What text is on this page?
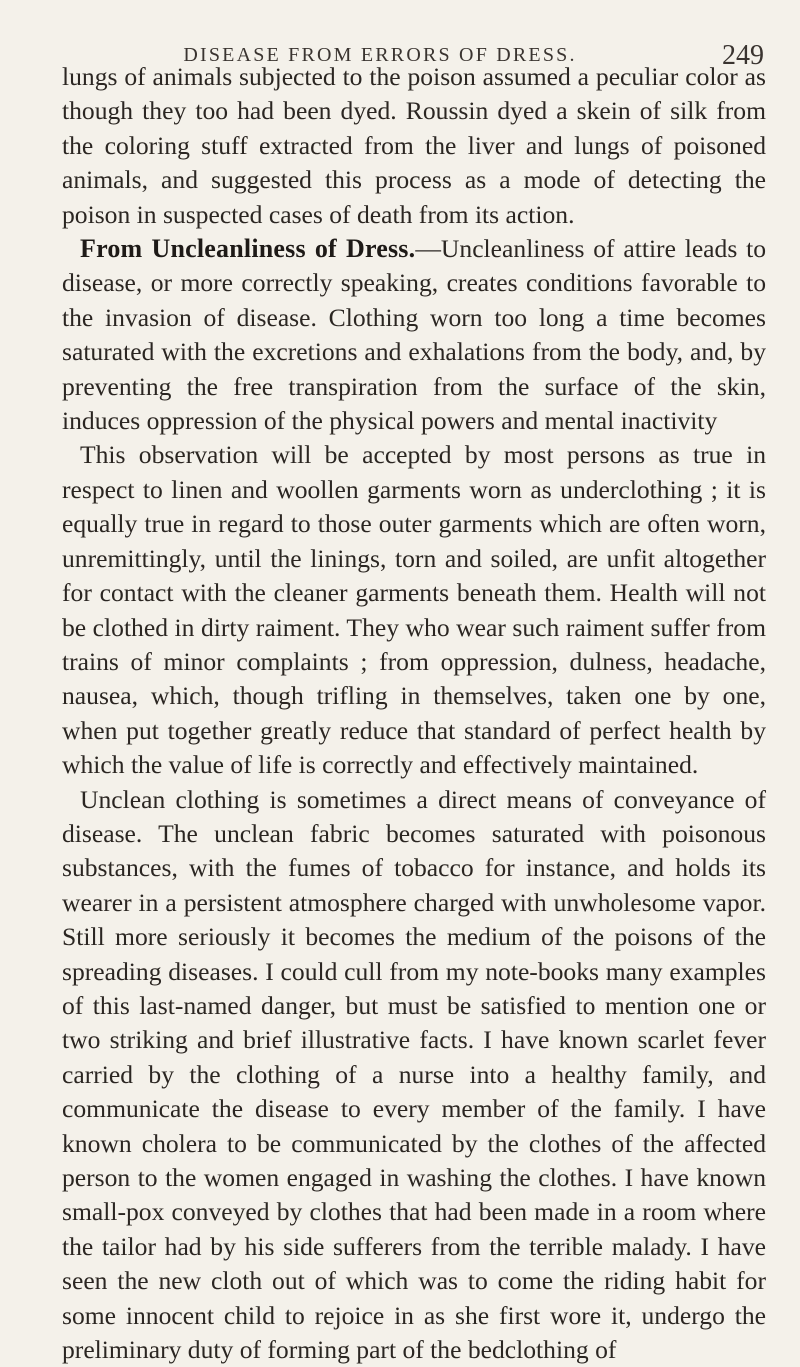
DISEASE FROM ERRORS OF DRESS.	249

lungs of animals subjected to the poison assumed a peculiar color as though they too had been dyed. Roussin dyed a skein of silk from the coloring stuff extracted from the liver and lungs of poisoned animals, and suggested this process as a mode of detecting the poison in suspected cases of death from its action.

From Uncleanliness of Dress.—Uncleanliness of attire leads to disease, or more correctly speaking, creates conditions favorable to the invasion of disease. Clothing worn too long a time becomes saturated with the excretions and exhalations from the body, and, by preventing the free transpiration from the surface of the skin, induces oppression of the physical powers and mental inactivity

This observation will be accepted by most persons as true in respect to linen and woollen garments worn as underclothing ; it is equally true in regard to those outer garments which are often worn, unremittingly, until the linings, torn and soiled, are unfit altogether for contact with the cleaner garments beneath them. Health will not be clothed in dirty raiment. They who wear such raiment suffer from trains of minor complaints ; from oppression, dulness, headache, nausea, which, though trifling in themselves, taken one by one, when put together greatly reduce that standard of perfect health by which the value of life is correctly and effectively maintained.

Unclean clothing is sometimes a direct means of conveyance of disease. The unclean fabric becomes saturated with poisonous substances, with the fumes of tobacco for instance, and holds its wearer in a persistent atmosphere charged with unwholesome vapor. Still more seriously it becomes the medium of the poisons of the spreading diseases. I could cull from my note-books many examples of this last-named danger, but must be satisfied to mention one or two striking and brief illustrative facts. I have known scarlet fever carried by the clothing of a nurse into a healthy family, and communicate the disease to every member of the family. I have known cholera to be communicated by the clothes of the affected person to the women engaged in washing the clothes. I have known small-pox conveyed by clothes that had been made in a room where the tailor had by his side sufferers from the terrible malady. I have seen the new cloth out of which was to come the riding habit for some innocent child to rejoice in as she first wore it, undergo the preliminary duty of forming part of the bedclothing of
